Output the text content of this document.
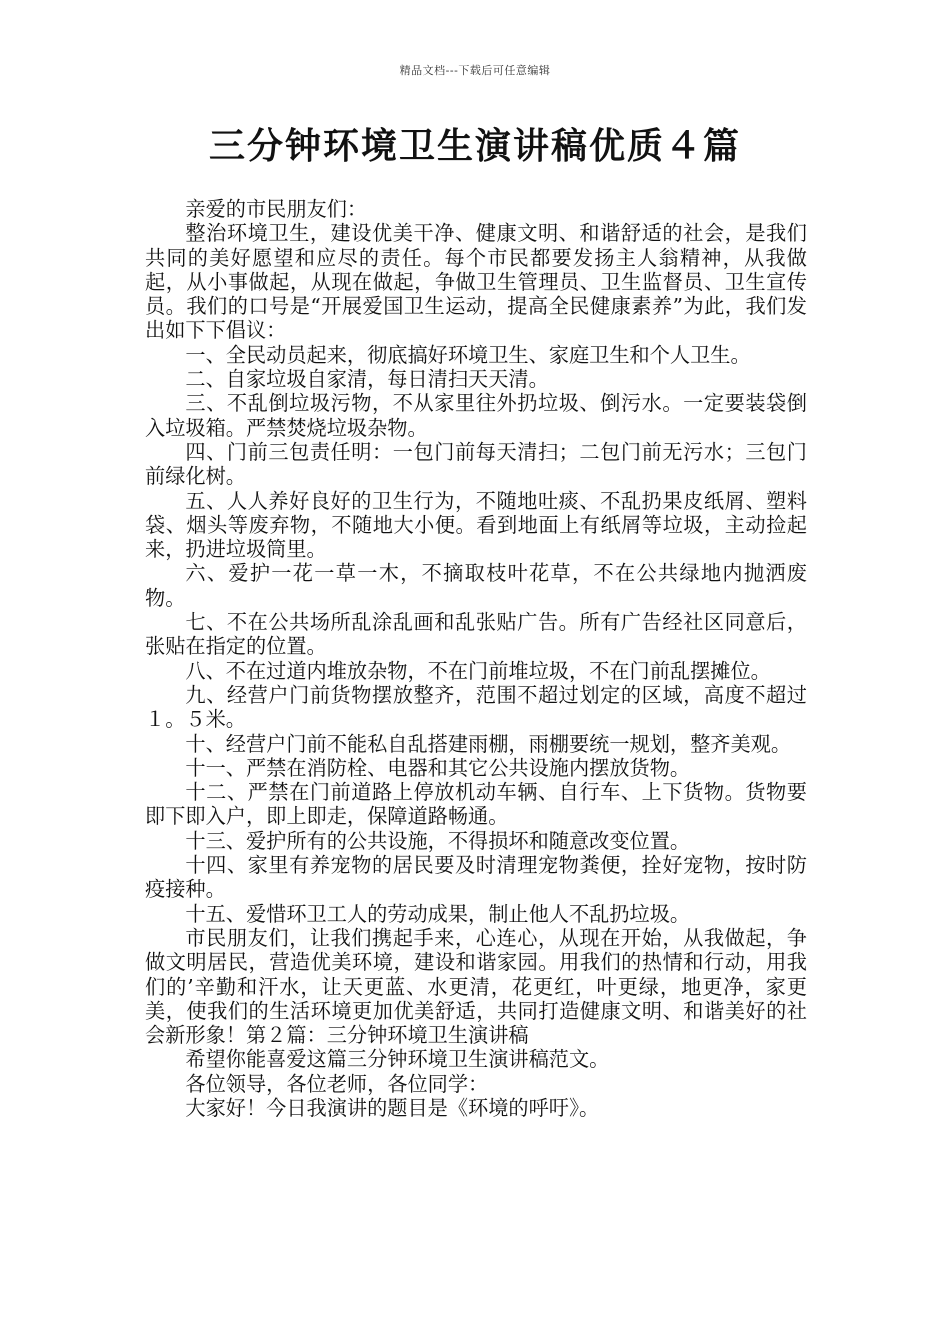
精品文档---下载后可任意编辑
三分钟环境卫生演讲稿优质４篇

亲爱的市民朋友们：

整治环境卫生，建设优美干净、健康文明、和谐舒适的社会，是我们共同的美好愿望和应尽的责任。每个市民都要发扬主人翁精神，从我做起，从小事做起，从现在做起，争做卫生管理员、卫生监督员、卫生宣传员。我们的口号是“开展爱国卫生运动，提高全民健康素养”为此，我们发出如下下倡议：

一、全民动员起来，彻底搞好环境卫生、家庭卫生和个人卫生。

二、自家垃圾自家清，每日清扫天天清。

三、不乱倒垃圾污物，不从家里往外扔垃圾、倒污水。一定要装袋倒入垃圾箱。严禁焚烧垃圾杂物。

四、门前三包责任明：一包门前每天清扫；二包门前无污水；三包门前绿化树。

五、人人养好良好的卫生行为，不随地吐痰、不乱扔果皮纸屑、塑料袋、烟头等废弃物，不随地大小便。看到地面上有纸屑等垃圾，主动捡起来，扔进垃圾筒里。

六、爱护一花一草一木，不摘取枝叶花草，不在公共绿地内抛洒废物。

七、不在公共场所乱涂乱画和乱张贴广告。所有广告经社区同意后，张贴在指定的位置。

八、不在过道内堆放杂物，不在门前堆垃圾，不在门前乱摆摊位。

九、经营户门前货物摆放整齐，范围不超过划定的区域，高度不超过１。５米。

十、经营户门前不能私自乱搭建雨棚，雨棚要统一规划，整齐美观。

十一、严禁在消防栓、电器和其它公共设施内摆放货物。

十二、严禁在门前道路上停放机动车辆、自行车、上下货物。货物要即下即入户，即上即走，保障道路畅通。

十三、爱护所有的公共设施，不得损坏和随意改变位置。

十四、家里有养宠物的居民要及时清理宠物粪便，拴好宠物，按时防疫接种。

十五、爱惜环卫工人的劳动成果，制止他人不乱扔垃圾。

市民朋友们，让我们携起手来，心连心，从现在开始，从我做起，争做文明居民，营造优美环境，建设和谐家园。用我们的热情和行动，用我们的’辛勤和汗水，让天更蓝、水更清，花更红，叶更绿，地更净，家更美，使我们的生活环境更加优美舒适，共同打造健康文明、和谐美好的社会新形象！第２篇：三分钟环境卫生演讲稿

希望你能喜爱这篇三分钟环境卫生演讲稿范文。

各位领导，各位老师，各位同学：

大家好！今日我演讲的题目是《环境的呼吁》。
